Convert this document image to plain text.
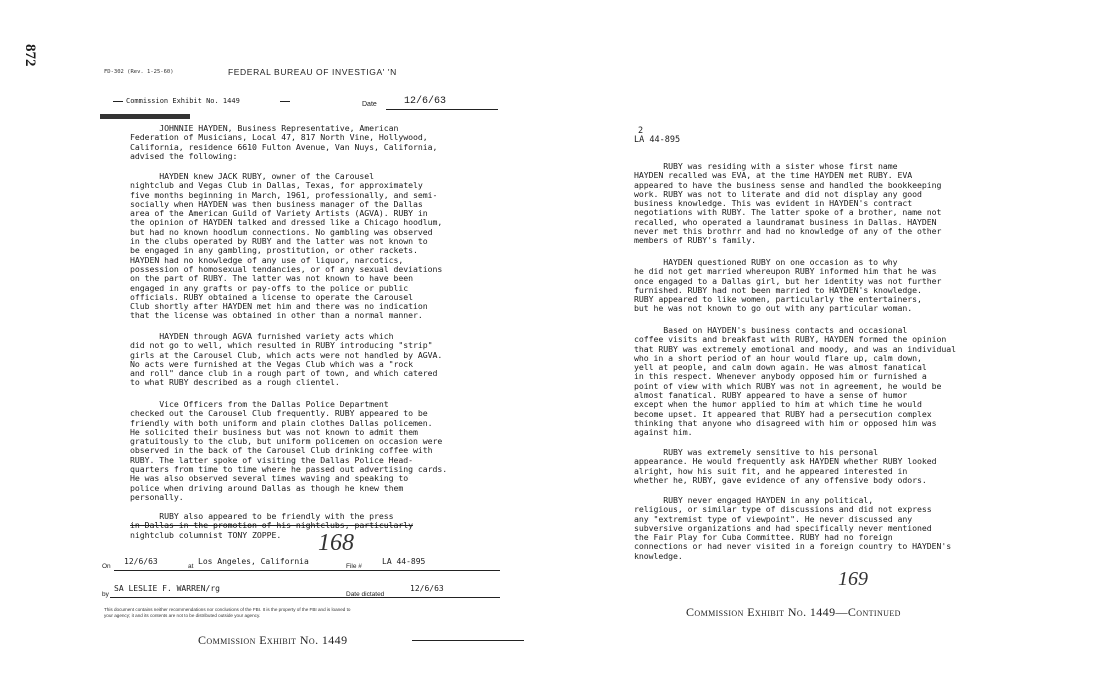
872
FD-302 (Rev. 1-25-60)	FEDERAL BUREAU OF INVESTIGA' 'N
Commission Exhibit No. 1449	Date	12/6/63
JOHNNIE HAYDEN, Business Representative, American
Federation of Musicians, Local 47, 817 North Vine, Hollywood,
California, residence 6610 Fulton Avenue, Van Nuys, California,
advised the following:
HAYDEN knew JACK RUBY, owner of the Carousel
nightclub and Vegas Club in Dallas, Texas, for approximately
five months beginning in March, 1961, professionally, and semi-
socially when HAYDEN was then business manager of the Dallas
area of the American Guild of Variety Artists (AGVA). RUBY in
the opinion of HAYDEN talked and dressed like a Chicago hoodlum,
but had no known hoodlum connections. No gambling was observed
in the clubs operated by RUBY and the latter was not known to
be engaged in any gambling, prostitution, or other rackets.
HAYDEN had no knowledge of any use of liquor, narcotics,
possession of homosexual tendancies, or of any sexual deviations
on the part of RUBY. The latter was not known to have been
engaged in any grafts or pay-offs to the police or public
officials. RUBY obtained a license to operate the Carousel
Club shortly after HAYDEN met him and there was no indication
that the license was obtained in other than a normal manner.
HAYDEN through AGVA furnished variety acts which
did not go to well, which resulted in RUBY introducing "strip"
girls at the Carousel Club, which acts were not handled by AGVA.
No acts were furnished at the Vegas Club which was a "rock
and roll" dance club in a rough part of town, and which catered
to what RUBY described as a rough clientel.
Vice Officers from the Dallas Police Department
checked out the Carousel Club frequently. RUBY appeared to be
friendly with both uniform and plain clothes Dallas policemen.
He solicited their business but was not known to admit them
gratuitously to the club, but uniform policemen on occasion were
observed in the back of the Carousel Club drinking coffee with
RUBY. The latter spoke of visiting the Dallas Police Head-
quarters from time to time where he passed out advertising cards.
He was also observed several times waving and speaking to
police when driving around Dallas as though he knew them
personally.
RUBY also appeared to be friendly with the press
in Dallas in the promotion of his nightclubs, particularly
nightclub columnist TONY ZOPPE.
On
12/6/63
at
Los Angeles, California
File #
LA 44-895
168
by
SA LESLIE F. WARREN/rg
Date dictated
12/6/63
This document contains neither recommendations nor conclusions of the FBI. It is the property of the FBI and is loaned to
your agency; it and its contents are not to be distributed outside your agency.
Commission Exhibit No. 1449
2
LA 44-895
RUBY was residing with a sister whose first name
HAYDEN recalled was EVA, at the time HAYDEN met RUBY. EVA
appeared to have the business sense and handled the bookkeeping
work. RUBY was not to literate and did not display any good
business knowledge. This was evident in HAYDEN's contract
negotiations with RUBY. The latter spoke of a brother, name not
recalled, who operated a laundramat business in Dallas. HAYDEN
never met this brothrr and had no knowledge of any of the other
members of RUBY's family.
HAYDEN questioned RUBY on one occasion as to why
he did not get married whereupon RUBY informed him that he was
once engaged to a Dallas girl, but her identity was not further
furnished. RUBY had not been married to HAYDEN's knowledge.
RUBY appeared to like women, particularly the entertainers,
but he was not known to go out with any particular woman.
Based on HAYDEN's business contacts and occasional
coffee visits and breakfast with RUBY, HAYDEN formed the opinion
that RUBY was extremely emotional and moody, and was an individual
who in a short period of an hour would flare up, calm down,
yell at people, and calm down again. He was almost fanatical
in this respect. Whenever anybody opposed him or furnished a
point of view with which RUBY was not in agreement, he would be
almost fanatical. RUBY appeared to have a sense of humor
except when the humor applied to him at which time he would
become upset. It appeared that RUBY had a persecution complex
thinking that anyone who disagreed with him or opposed him was
against him.
RUBY was extremely sensitive to his personal
appearance. He would frequently ask HAYDEN whether RUBY looked
alright, how his suit fit, and he appeared interested in
whether he, RUBY, gave evidence of any offensive body odors.
RUBY never engaged HAYDEN in any political,
religious, or similar type of discussions and did not express
any "extremist type of viewpoint". He never discussed any
subversive organizations and had specifically never mentioned
the Fair Play for Cuba Committee. RUBY had no foreign
connections or had never visited in a foreign country to HAYDEN's
knowledge.
169
Commission Exhibit No. 1449—Continued
